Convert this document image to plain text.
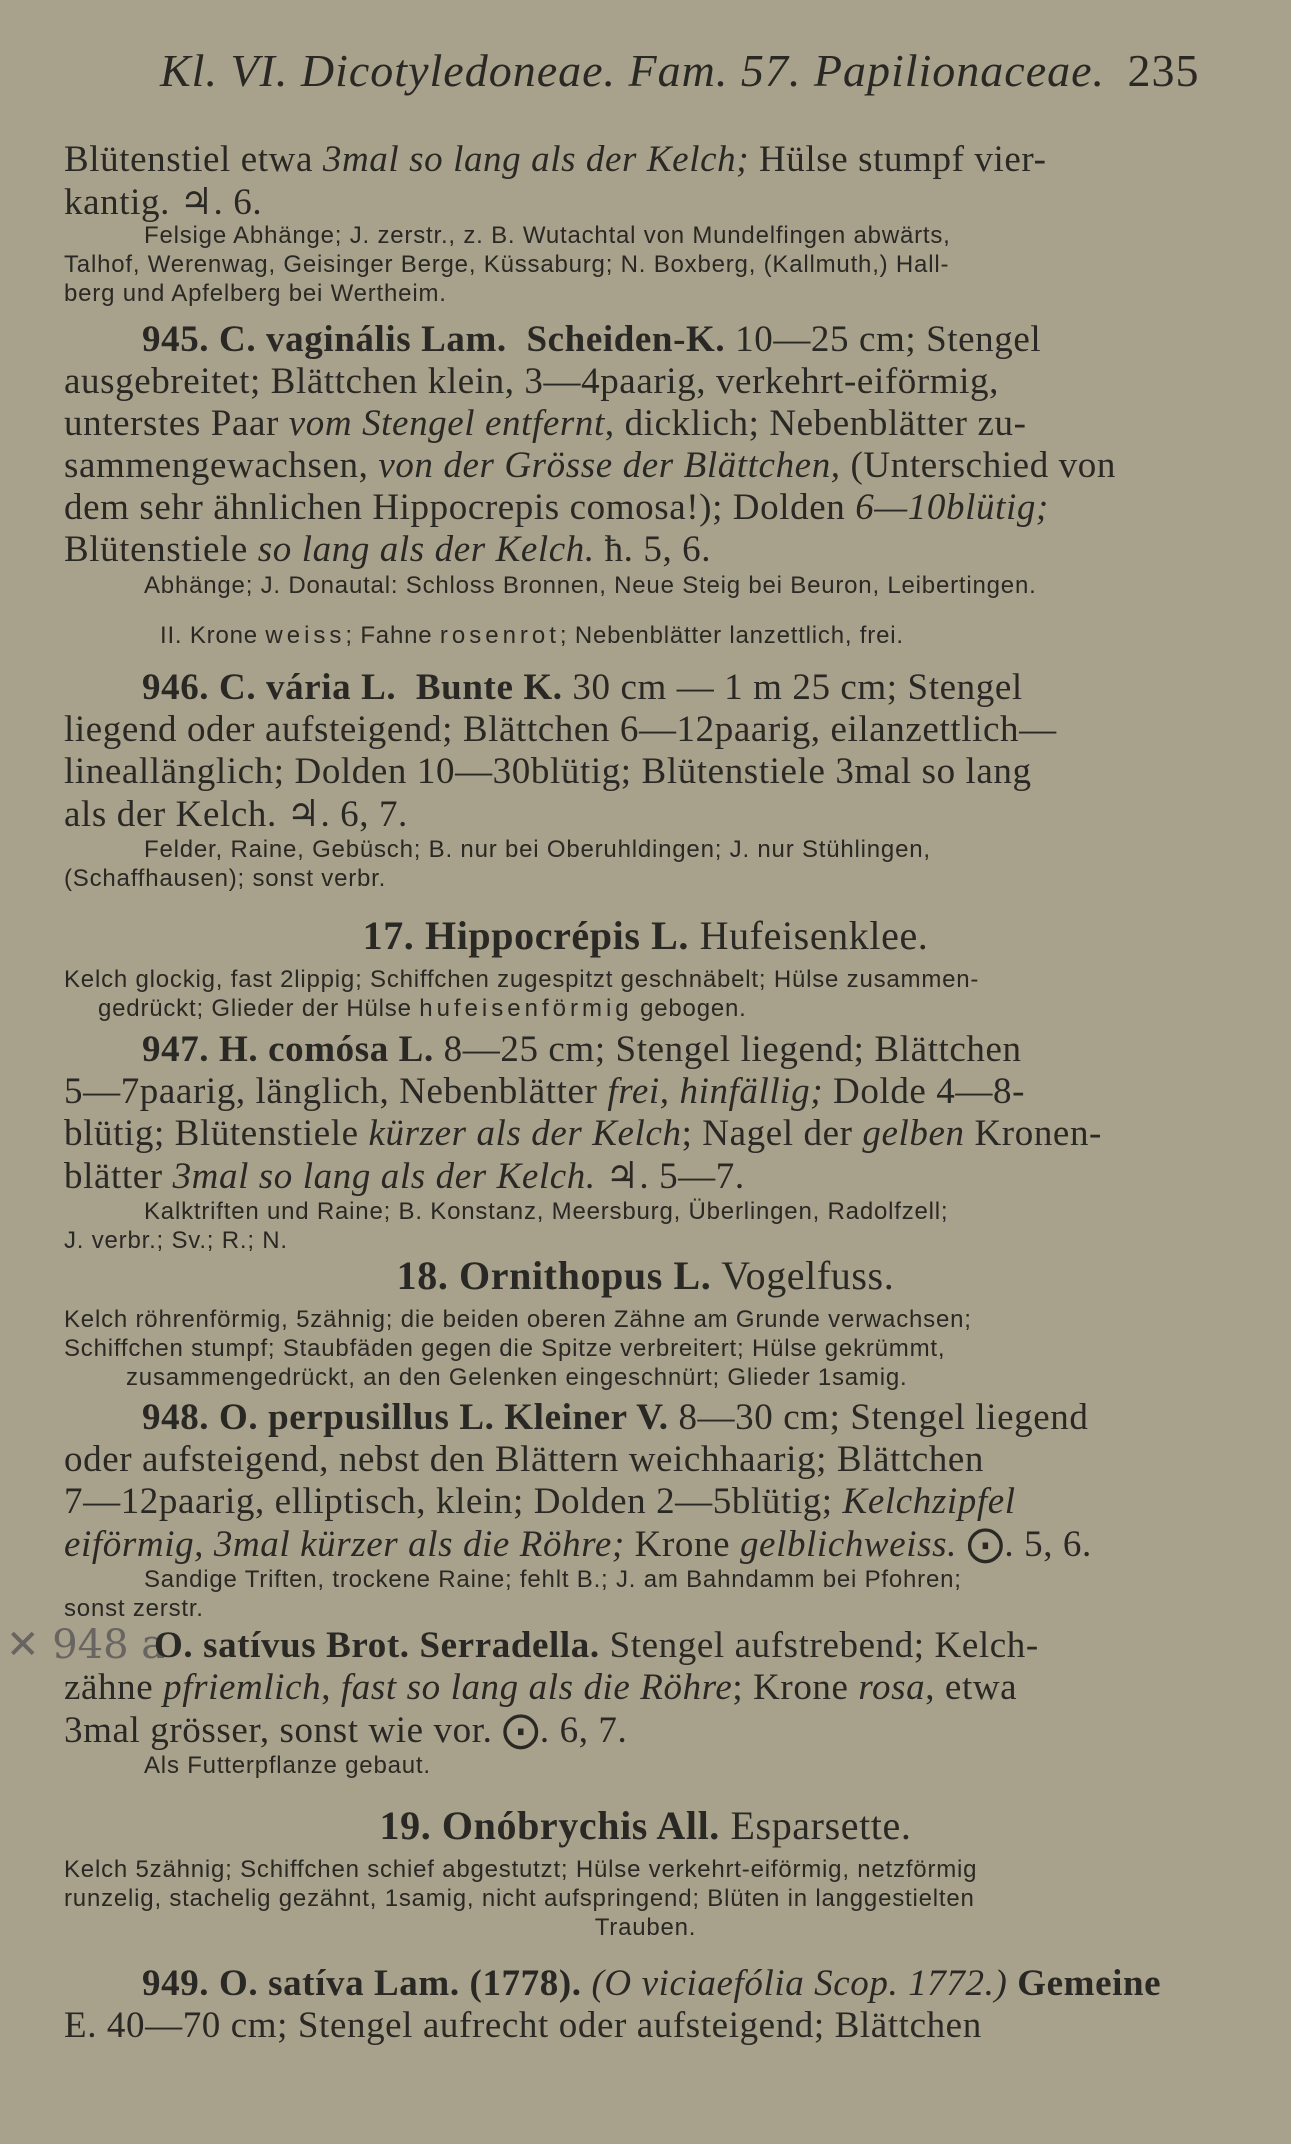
Kl. VI. Dicotyledoneae. Fam. 57. Papilionaceae. 235
✕ 948 a
Blütenstiel etwa 3mal so lang als der Kelch; Hülse stumpf vier-
kantig. ♃. 6.
Felsige Abhänge; J. zerstr., z. B. Wutachtal von Mundelfingen abwärts,
Talhof, Werenwag, Geisinger Berge, Küssaburg; N. Boxberg, (Kallmuth,) Hall-
berg und Apfelberg bei Wertheim.
945. C. vaginális Lam. Scheiden-K. 10—25 cm; Stengel
ausgebreitet; Blättchen klein, 3—4paarig, verkehrt-eiförmig,
unterstes Paar vom Stengel entfernt, dicklich; Nebenblätter zu-
sammengewachsen, von der Grösse der Blättchen, (Unterschied von
dem sehr ähnlichen Hippocrepis comosa!); Dolden 6—10blütig;
Blütenstiele so lang als der Kelch. ħ. 5, 6.
Abhänge; J. Donautal: Schloss Bronnen, Neue Steig bei Beuron, Leibertingen.
II. Krone weiss; Fahne rosenrot; Nebenblätter lanzettlich, frei.
946. C. vária L. Bunte K. 30 cm — 1 m 25 cm; Stengel
liegend oder aufsteigend; Blättchen 6—12paarig, eilanzettlich—
lineallänglich; Dolden 10—30blütig; Blütenstiele 3mal so lang
als der Kelch. ♃. 6, 7.
Felder, Raine, Gebüsch; B. nur bei Oberuhldingen; J. nur Stühlingen,
(Schaffhausen); sonst verbr.
17. Hippocrépis L. Hufeisenklee.
Kelch glockig, fast 2lippig; Schiffchen zugespitzt geschnäbelt; Hülse zusammen-
gedrückt; Glieder der Hülse hufeisenförmig gebogen.
947. H. comósa L. 8—25 cm; Stengel liegend; Blättchen
5—7paarig, länglich, Nebenblätter frei, hinfällig; Dolde 4—8-
blütig; Blütenstiele kürzer als der Kelch; Nagel der gelben Kronen-
blätter 3mal so lang als der Kelch. ♃. 5—7.
Kalktriften und Raine; B. Konstanz, Meersburg, Überlingen, Radolfzell;
J. verbr.; Sv.; R.; N.
18. Ornithopus L. Vogelfuss.
Kelch röhrenförmig, 5zähnig; die beiden oberen Zähne am Grunde verwachsen;
Schiffchen stumpf; Staubfäden gegen die Spitze verbreitert; Hülse gekrümmt,
zusammengedrückt, an den Gelenken eingeschnürt; Glieder 1samig.
948. O. perpusillus L. Kleiner V. 8—30 cm; Stengel liegend
oder aufsteigend, nebst den Blättern weichhaarig; Blättchen
7—12paarig, elliptisch, klein; Dolden 2—5blütig; Kelchzipfel
eiförmig, 3mal kürzer als die Röhre; Krone gelblichweiss. ⨀. 5, 6.
Sandige Triften, trockene Raine; fehlt B.; J. am Bahndamm bei Pfohren;
sonst zerstr.
O. satívus Brot. Serradella. Stengel aufstrebend; Kelch-
zähne pfriemlich, fast so lang als die Röhre; Krone rosa, etwa
3mal grösser, sonst wie vor. ⨀. 6, 7.
Als Futterpflanze gebaut.
19. Onóbrychis All. Esparsette.
Kelch 5zähnig; Schiffchen schief abgestutzt; Hülse verkehrt-eiförmig, netzförmig
runzelig, stachelig gezähnt, 1samig, nicht aufspringend; Blüten in langgestielten
Trauben.
949. O. satíva Lam. (1778). (O viciaefólia Scop. 1772.) Gemeine
E. 40—70 cm; Stengel aufrecht oder aufsteigend; Blättchen
